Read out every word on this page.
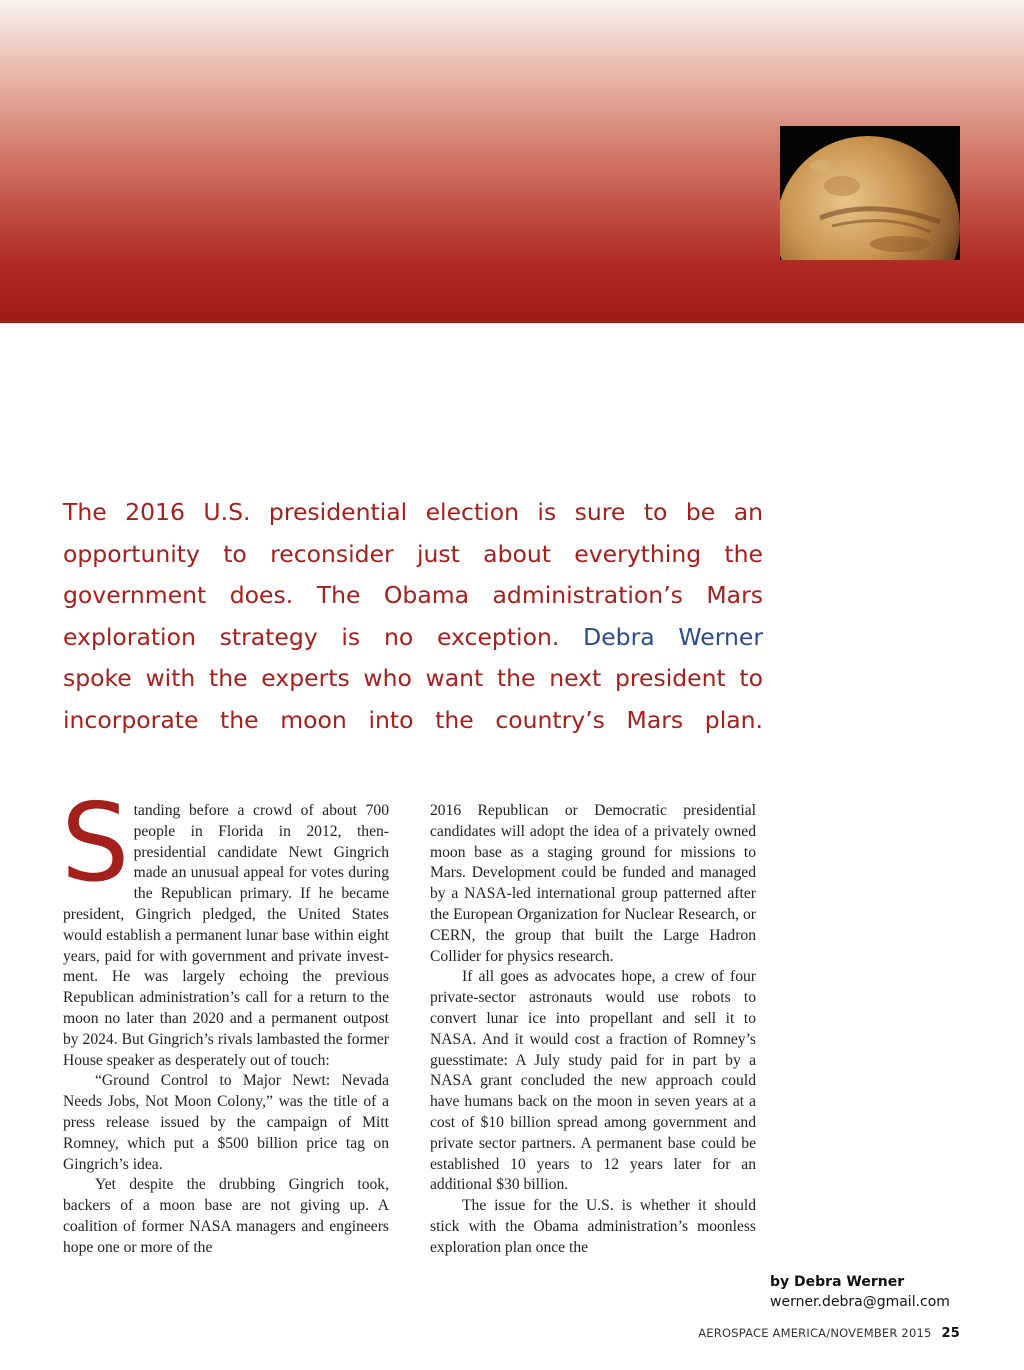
The 2016 U.S. presidential election is sure to be an
opportunity to reconsider just about everything the
government does. The Obama administration’s Mars
exploration strategy is no exception. Debra Werner
spoke with the experts who want the next president to
incorporate the moon into the country’s Mars plan.

Standing before a crowd of about 700 people in Florida in 2012, then-presidential candidate Newt Gingrich made an unusual appeal for votes during the Republican primary. If he became president, Gingrich pledged, the United States would establish a permanent lunar base within eight years, paid for with government and private investment. He was largely echoing the previous Republican administration’s call for a return to the moon no later than 2020 and a permanent outpost by 2024. But Gingrich’s rivals lambasted the former House speaker as desperately out of touch:

“Ground Control to Major Newt: Nevada Needs Jobs, Not Moon Colony,” was the title of a press release issued by the campaign of Mitt Romney, which put a $500 billion price tag on Gingrich’s idea.

Yet despite the drubbing Gingrich took, backers of a moon base are not giving up. A coalition of former NASA managers and engineers hope one or more of the

2016 Republican or Democratic presidential candidates will adopt the idea of a privately owned moon base as a staging ground for missions to Mars. Development could be funded and managed by a NASA-led international group patterned after the European Organization for Nuclear Research, or CERN, the group that built the Large Hadron Collider for physics research.

If all goes as advocates hope, a crew of four private-sector astronauts would use robots to convert lunar ice into propellant and sell it to NASA. And it would cost a fraction of Romney’s guesstimate: A July study paid for in part by a NASA grant concluded the new approach could have humans back on the moon in seven years at a cost of $10 billion spread among government and private sector partners. A permanent base could be established 10 years to 12 years later for an additional $30 billion.

The issue for the U.S. is whether it should stick with the Obama administration’s moonless exploration plan once the

by Debra Werner
werner.debra@gmail.com
AEROSPACE AMERICA/NOVEMBER 2015 25
